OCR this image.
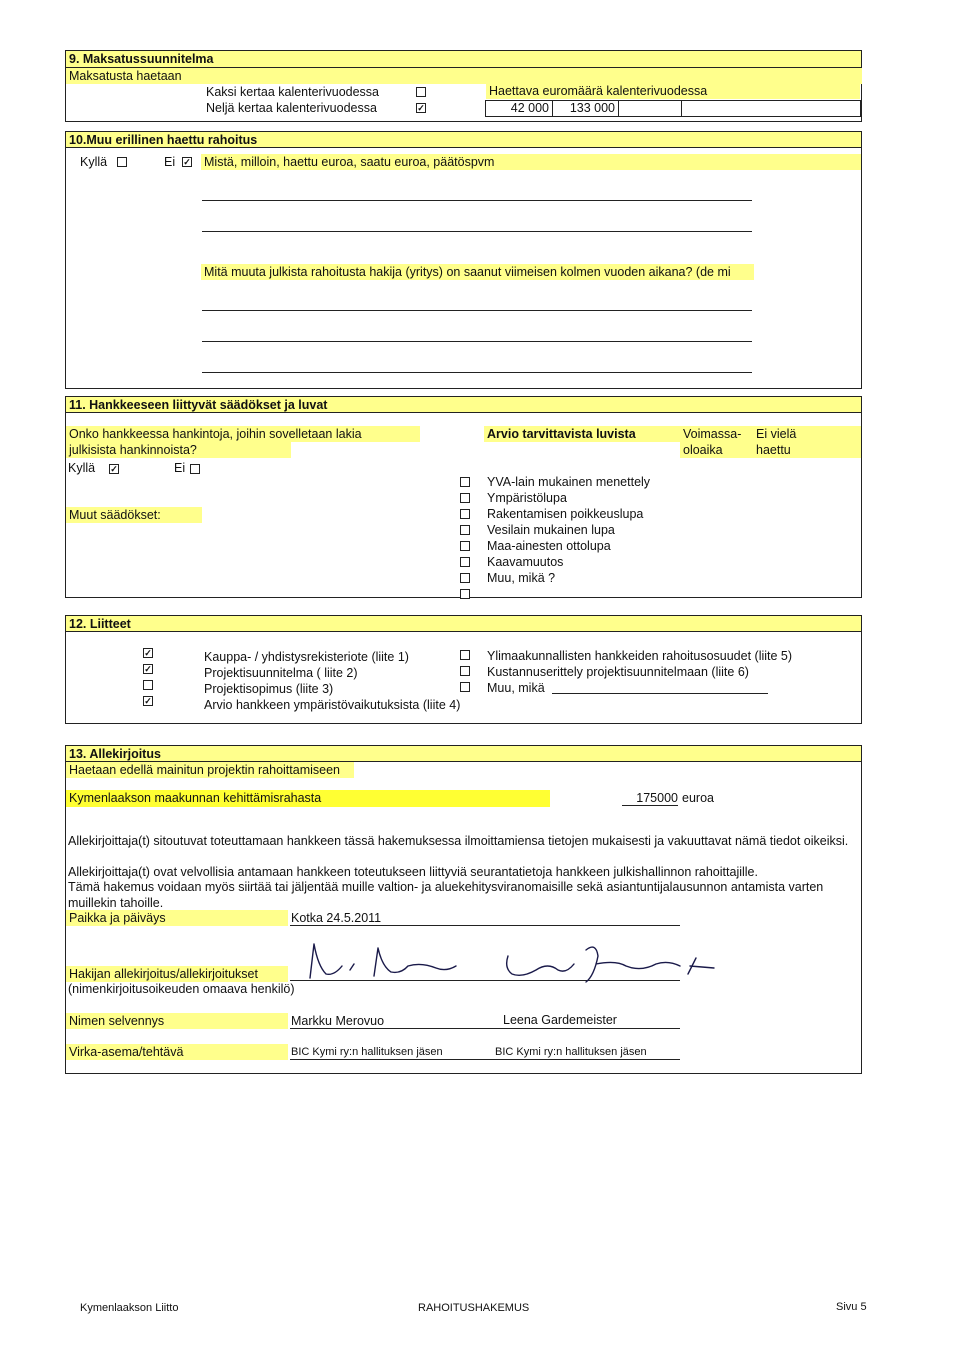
9. Maksatussuunnitelma
Maksatusta haetaan
Kaksi kertaa kalenterivuodessa
Neljä kertaa kalenterivuodessa	✓
Haettava euromäärä kalenterivuodessa
42 000	133 000
10.Muu erillinen haettu rahoitus
Kyllä	Ei ✓ Mistä, milloin, haettu euroa, saatu euroa, päätöspvm
Mitä muuta julkista rahoitusta hakija (yritys) on saanut viimeisen kolmen vuoden aikana? (de mi
11. Hankkeeseen liittyvät säädökset ja luvat
Onko hankkeessa hankintoja, joihin sovelletaan lakia
julkisista hankinnoista?
Kyllä ✓	Ei
Muut säädökset:
Arvio tarvittavista luvista	Voimassa-
oloaika
Ei vielä
haettu
YVA-lain mukainen menettely
Ympäristölupa
Rakentamisen poikkeuslupa
Vesilain mukainen lupa
Maa-ainesten ottolupa
Kaavamuutos
Muu, mikä ?
12. Liitteet
✓	Kauppa- / yhdistysrekisteriote (liite 1)
✓	Projektisuunnitelma ( liite 2)
Projektisopimus (liite 3)
✓	Arvio hankkeen ympäristövaikutuksista (liite 4)
Ylimaakunnallisten hankkeiden rahoitusosuudet (liite 5)
Kustannuserittely projektisuunnitelmaan (liite 6)
Muu, mikä
13. Allekirjoitus
Haetaan edellä mainitun projektin rahoittamiseen
Kymenlaakson maakunnan kehittämisrahasta	175000 euroa
Allekirjoittaja(t) sitoutuvat toteuttamaan hankkeen tässä hakemuksessa ilmoittamiensa tietojen mukaisesti ja vakuuttavat nämä tiedot oikeiksi.
Allekirjoittaja(t) ovat velvollisia antamaan hankkeen toteutukseen liittyviä seurantatietoja hankkeen julkishallinnon rahoittajille.
Tämä hakemus voidaan myös siirtää tai jäljentää muille valtion- ja aluekehitysviranomaisille sekä asiantuntijalausunnon antamista varten muillekin tahoille.
Paikka ja päiväys	Kotka 24.5.2011
Hakijan allekirjoitus/allekirjoitukset
(nimenkirjoitusoikeuden omaava henkilö)
Nimen selvennys	Markku Merovuo	Leena Gardemeister
Virka-asema/tehtävä	BIC Kymi ry:n hallituksen jäsen	BIC Kymi ry:n hallituksen jäsen
Kymenlaakson Liitto	RAHOITUSHAKEMUS	Sivu 5
